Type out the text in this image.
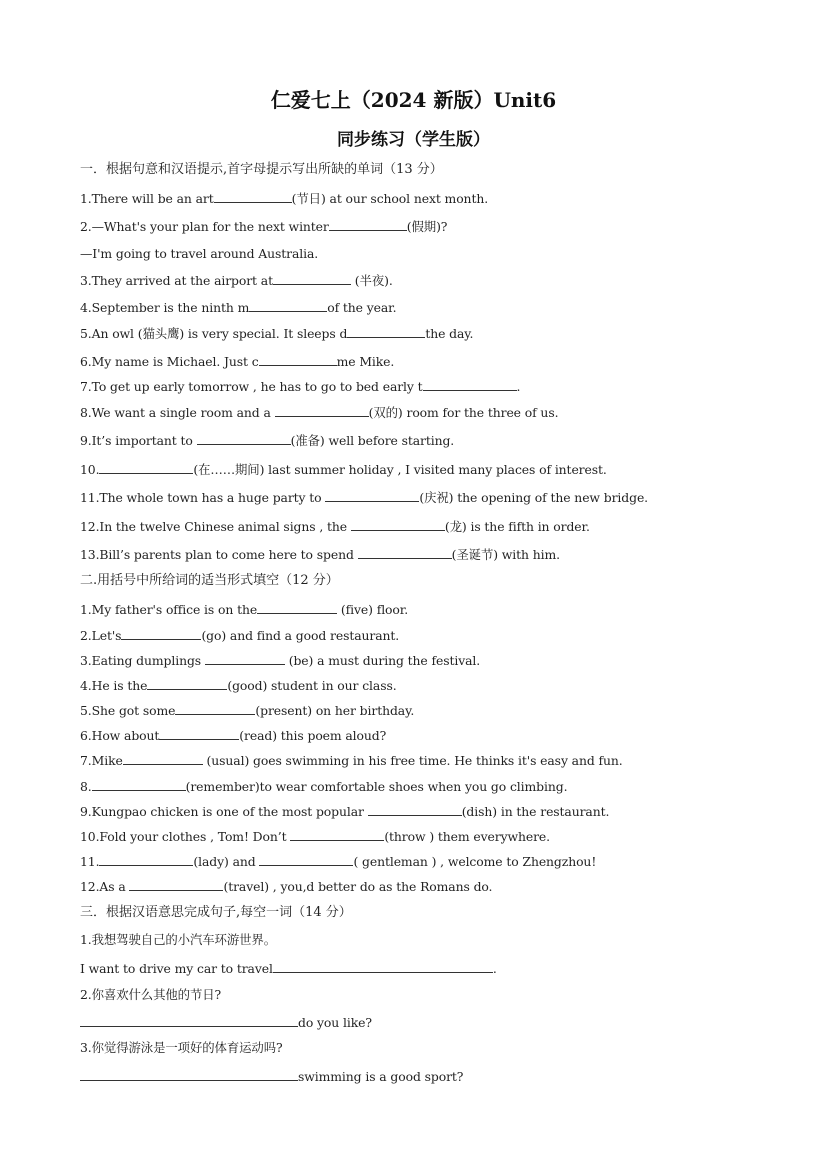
仁爱七上（2024 新版）Unit6
同步练习（学生版）
一．根据句意和汉语提示,首字母提示写出所缺的单词（13 分）
1.There will be an art	(节日) at our school next month.
2.—What's your plan for the next winter	(假期)?
—I'm going to travel around Australia.
3.They arrived at the airport at	(半夜).
4.September is the ninth m	of the year.
5.An owl (猫头鹰) is very special. It sleeps d	the day.
6.My name is Michael. Just c	me Mike.
7.To get up early tomorrow , he has to go to bed early t	.
8.We want a single room and a	(双的) room for the three of us.
9.It’s important to	(准备) well before starting.
10.	(在……期间) last summer holiday , I visited many places of interest.
11.The whole town has a huge party to	(庆祝) the opening of the new bridge.
12.In the twelve Chinese animal signs , the	(龙) is the fifth in order.
13.Bill’s parents plan to come here to spend	(圣诞节) with him.
二.用括号中所给词的适当形式填空（12 分）
1.My father's office is on the	(five) floor.
2.Let's	(go) and find a good restaurant.
3.Eating dumplings	(be) a must during the festival.
4.He is the	(good) student in our class.
5.She got some	(present) on her birthday.
6.How about	(read) this poem aloud?
7.Mike	(usual) goes swimming in his free time. He thinks it's easy and fun.
8.	(remember)to wear comfortable shoes when you go climbing.
9.Kungpao chicken is one of the most popular	(dish) in the restaurant.
10.Fold your clothes , Tom! Don’t	(throw ) them everywhere.
11.	(lady) and	( gentleman ) , welcome to Zhengzhou!
12.As a	(travel) , you,d better do as the Romans do.
三．根据汉语意思完成句子,每空一词（14 分）
1.我想驾驶自己的小汽车环游世界。
I want to drive my car to travel	.
2.你喜欢什么其他的节日?
do you like?
3.你觉得游泳是一项好的体育运动吗?
swimming is a good sport?
